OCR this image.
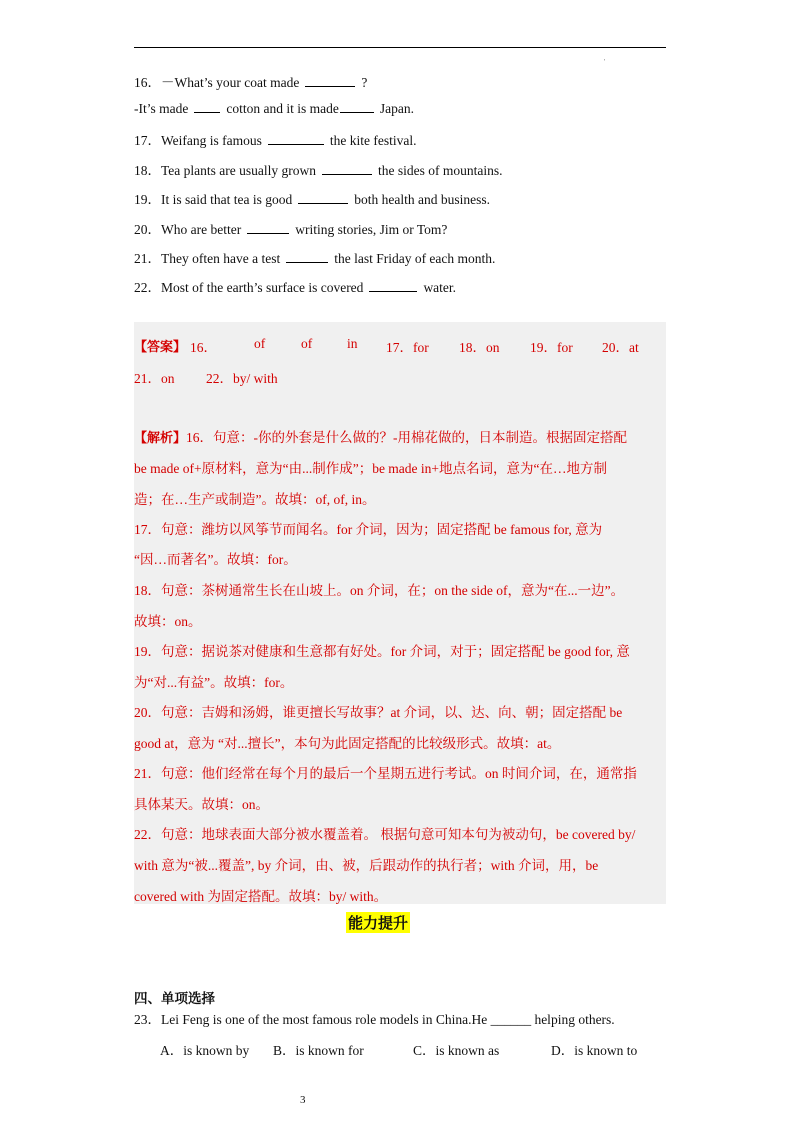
'
16．－What’s your coat made	?
-It’s made	cotton and it is made	Japan.
17．Weifang is famous	the kite festival.
18．Tea plants are usually grown	the sides of mountains.
19．It is said that tea is good	both health and business.
20．Who are better	writing stories, Jim or Tom?
21．They often have a test	the last Friday of each month.
22．Most of the earth’s surface is covered	water.
【答案】 16．	of	of	in 17．for 18．on 19．for 20．at
21．on 22．by/ with
【解析】16．句意：-你的外套是什么做的？-用棉花做的，日本制造。根据固定搭配
be made of+原材料，意为“由...制作成”；be made in+地点名词，意为“在…地方制
造；在…生产或制造”。故填：of, of, in。
17．句意：潍坊以风筝节而闻名。for 介词，因为；固定搭配 be famous for, 意为
“因…而著名”。故填：for。
18．句意：茶树通常生长在山坡上。on 介词，在；on the side of，意为“在...一边”。
故填：on。
19．句意：据说茶对健康和生意都有好处。for 介词，对于；固定搭配 be good for, 意
为“对...有益”。故填：for。
20．句意：吉姆和汤姆，谁更擅长写故事？at 介词，以、达、向、朝；固定搭配 be
good at，意为 “对...擅长”，本句为此固定搭配的比较级形式。故填：at。
21．句意：他们经常在每个月的最后一个星期五进行考试。on 时间介词，在，通常指
具体某天。故填：on。
22．句意：地球表面大部分被水覆盖着。 根据句意可知本句为被动句，be covered by/
with 意为“被...覆盖”, by 介词，由、被，后跟动作的执行者；with 介词，用，be
covered with 为固定搭配。故填：by/ with。
能力提升
四、单项选择
23．Lei Feng is one of the most famous role models in China.He ______ helping others.
A．is known by B．is known for	C．is known as	D．is known to
3
